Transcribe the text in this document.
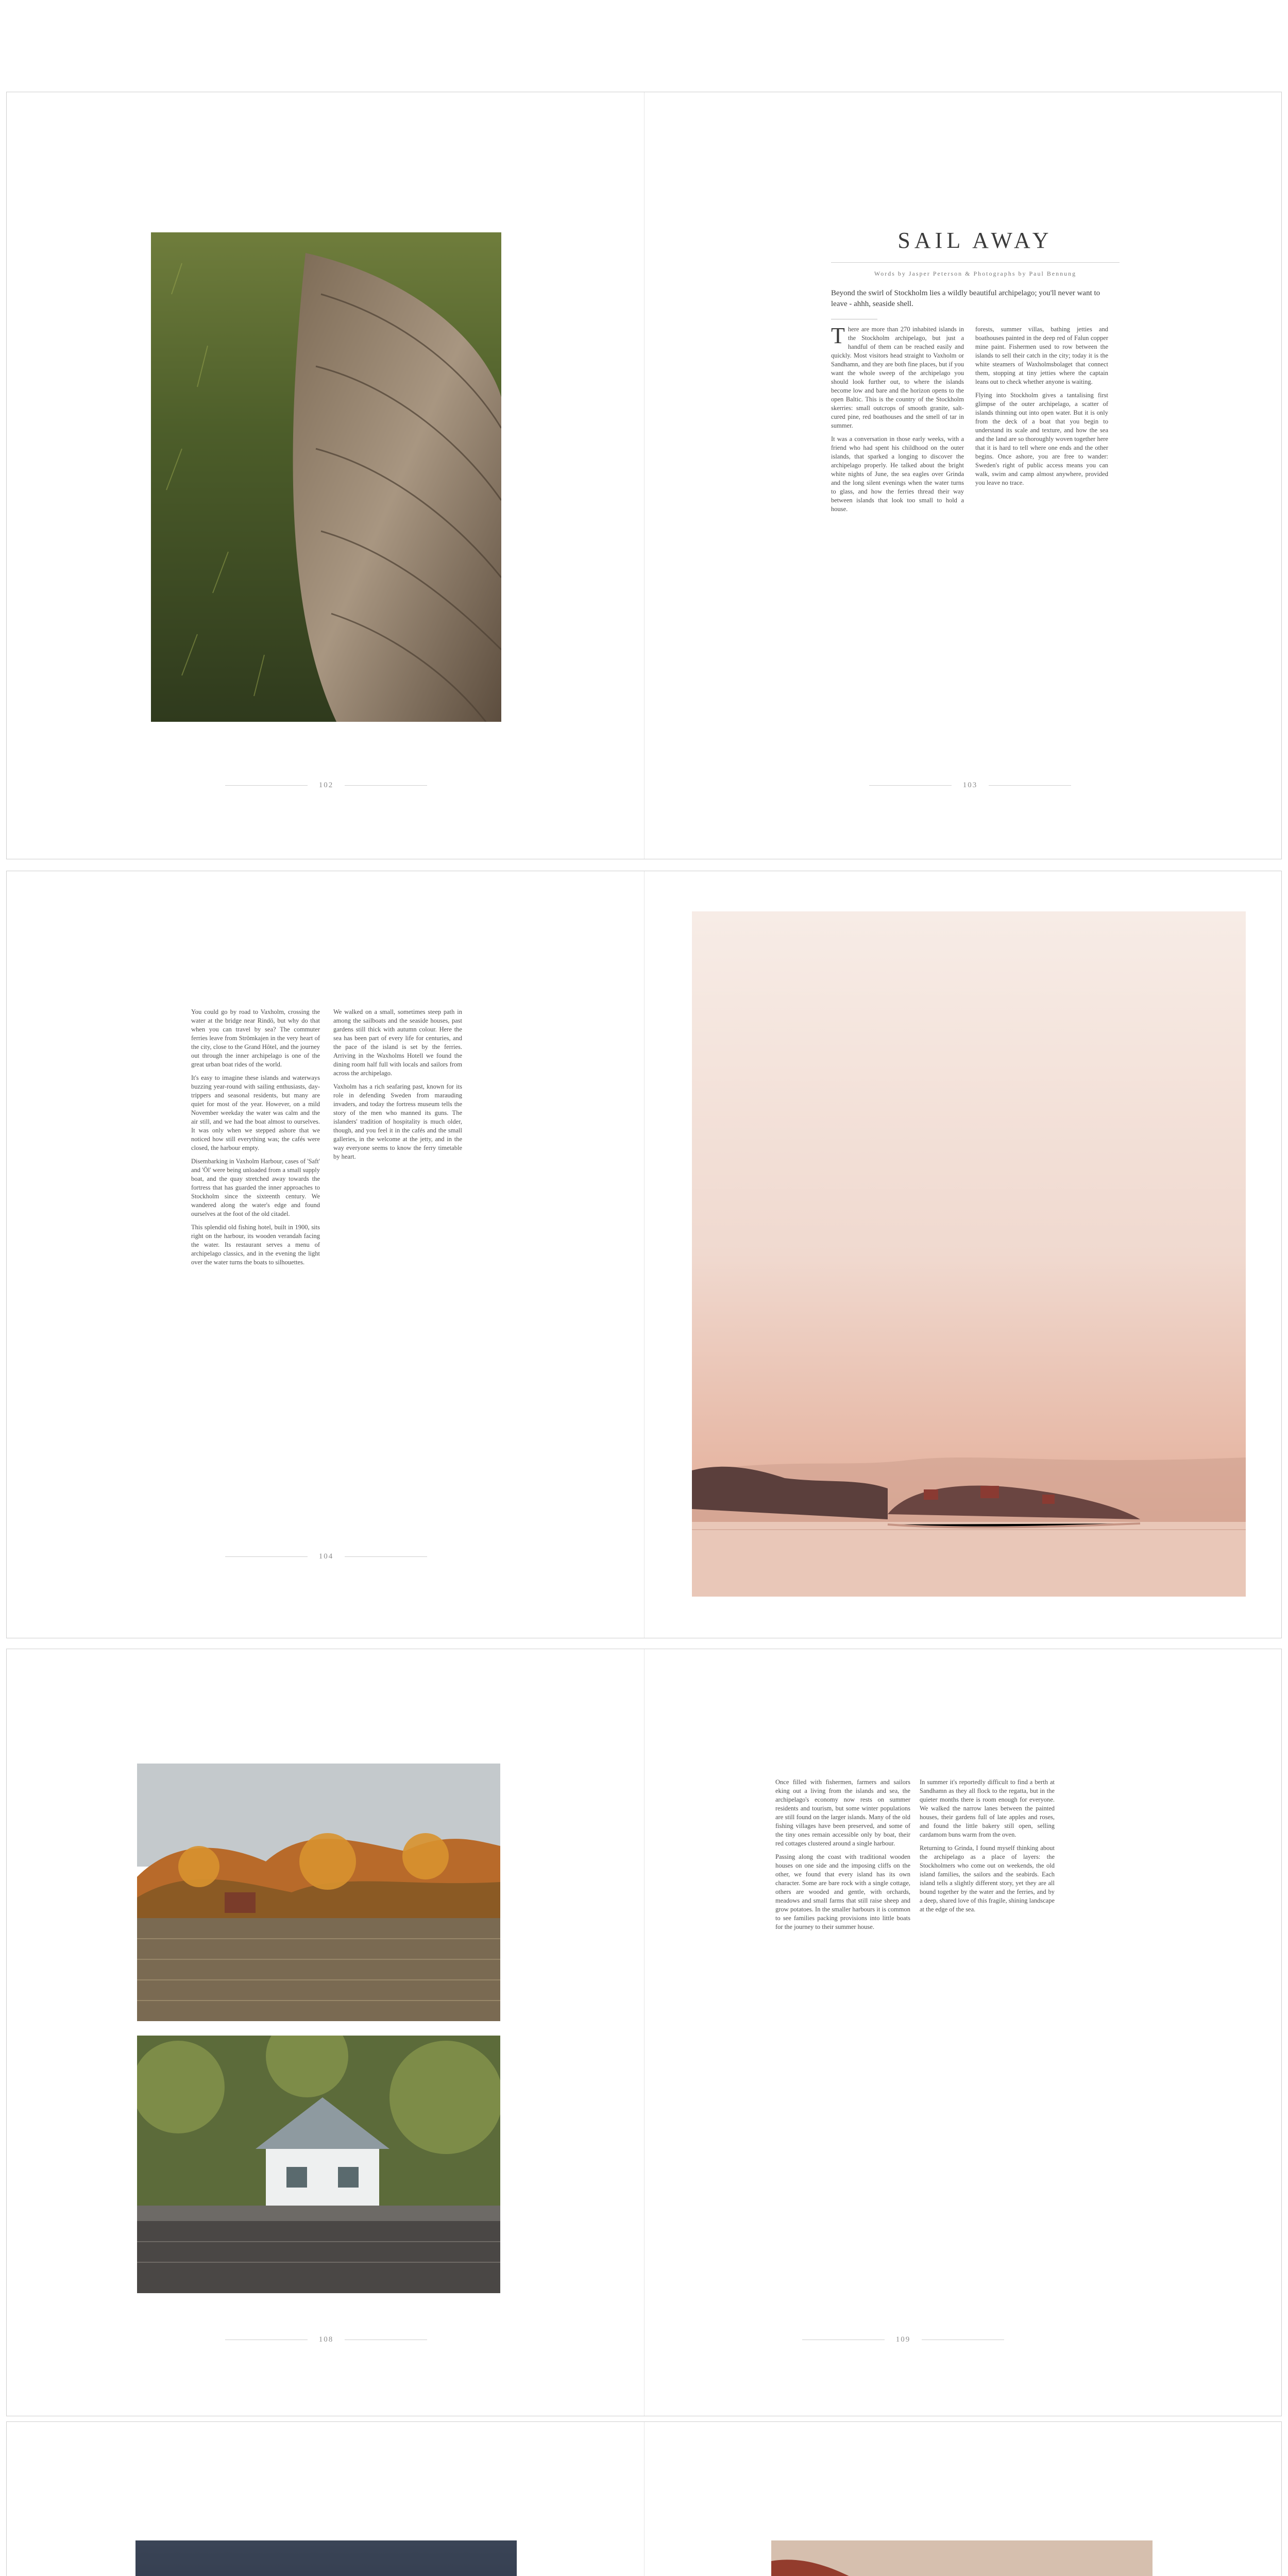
102
SAIL AWAY
Words by Jasper Peterson & Photographs by Paul Bennung
Beyond the swirl of Stockholm lies a wildly beautiful archipelago; you'll never want to leave - ahhh, seaside shell.

There are more than 270 inhabited islands in the Stockholm archipelago, but just a handful of them can be reached easily and quickly. Most visitors head straight to Vaxholm or Sandhamn, and they are both fine places, but if you want the whole sweep of the archipelago you should look further out, to where the islands become low and bare and the horizon opens to the open Baltic. This is the country of the Stockholm skerries: small outcrops of smooth granite, salt-cured pine, red boathouses and the smell of tar in summer.

It was a conversation in those early weeks, with a friend who had spent his childhood on the outer islands, that sparked a longing to discover the archipelago properly. He talked about the bright white nights of June, the sea eagles over Grinda and the long silent evenings when the water turns to glass, and how the ferries thread their way between islands that look too small to hold a house.

forests, summer villas, bathing jetties and boathouses painted in the deep red of Falun copper mine paint. Fishermen used to row between the islands to sell their catch in the city; today it is the white steamers of Waxholmsbolaget that connect them, stopping at tiny jetties where the captain leans out to check whether anyone is waiting.

Flying into Stockholm gives a tantalising first glimpse of the outer archipelago, a scatter of islands thinning out into open water. But it is only from the deck of a boat that you begin to understand its scale and texture, and how the sea and the land are so thoroughly woven together here that it is hard to tell where one ends and the other begins. Once ashore, you are free to wander: Sweden's right of public access means you can walk, swim and camp almost anywhere, provided you leave no trace.

103

You could go by road to Vaxholm, crossing the water at the bridge near Rindö, but why do that when you can travel by sea? The commuter ferries leave from Strömkajen in the very heart of the city, close to the Grand Hôtel, and the journey out through the inner archipelago is one of the great urban boat rides of the world.

It's easy to imagine these islands and waterways buzzing year-round with sailing enthusiasts, day-trippers and seasonal residents, but many are quiet for most of the year. However, on a mild November weekday the water was calm and the air still, and we had the boat almost to ourselves. It was only when we stepped ashore that we noticed how still everything was; the cafés were closed, the harbour empty.

Disembarking in Vaxholm Harbour, cases of 'Saft' and 'Öl' were being unloaded from a small supply boat, and the quay stretched away towards the fortress that has guarded the inner approaches to Stockholm since the sixteenth century. We wandered along the water's edge and found ourselves at the foot of the old citadel.

This splendid old fishing hotel, built in 1900, sits right on the harbour, its wooden verandah facing the water. Its restaurant serves a menu of archipelago classics, and in the evening the light over the water turns the boats to silhouettes.

We walked on a small, sometimes steep path in among the sailboats and the seaside houses, past gardens still thick with autumn colour. Here the sea has been part of every life for centuries, and the pace of the island is set by the ferries. Arriving in the Waxholms Hotell we found the dining room half full with locals and sailors from across the archipelago.

Vaxholm has a rich seafaring past, known for its role in defending Sweden from marauding invaders, and today the fortress museum tells the story of the men who manned its guns. The islanders' tradition of hospitality is much older, though, and you feel it in the cafés and the small galleries, in the welcome at the jetty, and in the way everyone seems to know the ferry timetable by heart.

104
108

Once filled with fishermen, farmers and sailors eking out a living from the islands and sea, the archipelago's economy now rests on summer residents and tourism, but some winter populations are still found on the larger islands. Many of the old fishing villages have been preserved, and some of the tiny ones remain accessible only by boat, their red cottages clustered around a single harbour.

Passing along the coast with traditional wooden houses on one side and the imposing cliffs on the other, we found that every island has its own character. Some are bare rock with a single cottage, others are wooded and gentle, with orchards, meadows and small farms that still raise sheep and grow potatoes. In the smaller harbours it is common to see families packing provisions into little boats for the journey to their summer house.

In summer it's reportedly difficult to find a berth at Sandhamn as they all flock to the regatta, but in the quieter months there is room enough for everyone. We walked the narrow lanes between the painted houses, their gardens full of late apples and roses, and found the little bakery still open, selling cardamom buns warm from the oven.

Returning to Grinda, I found myself thinking about the archipelago as a place of layers: the Stockholmers who come out on weekends, the old island families, the sailors and the seabirds. Each island tells a slightly different story, yet they are all bound together by the water and the ferries, and by a deep, shared love of this fragile, shining landscape at the edge of the sea.

109
